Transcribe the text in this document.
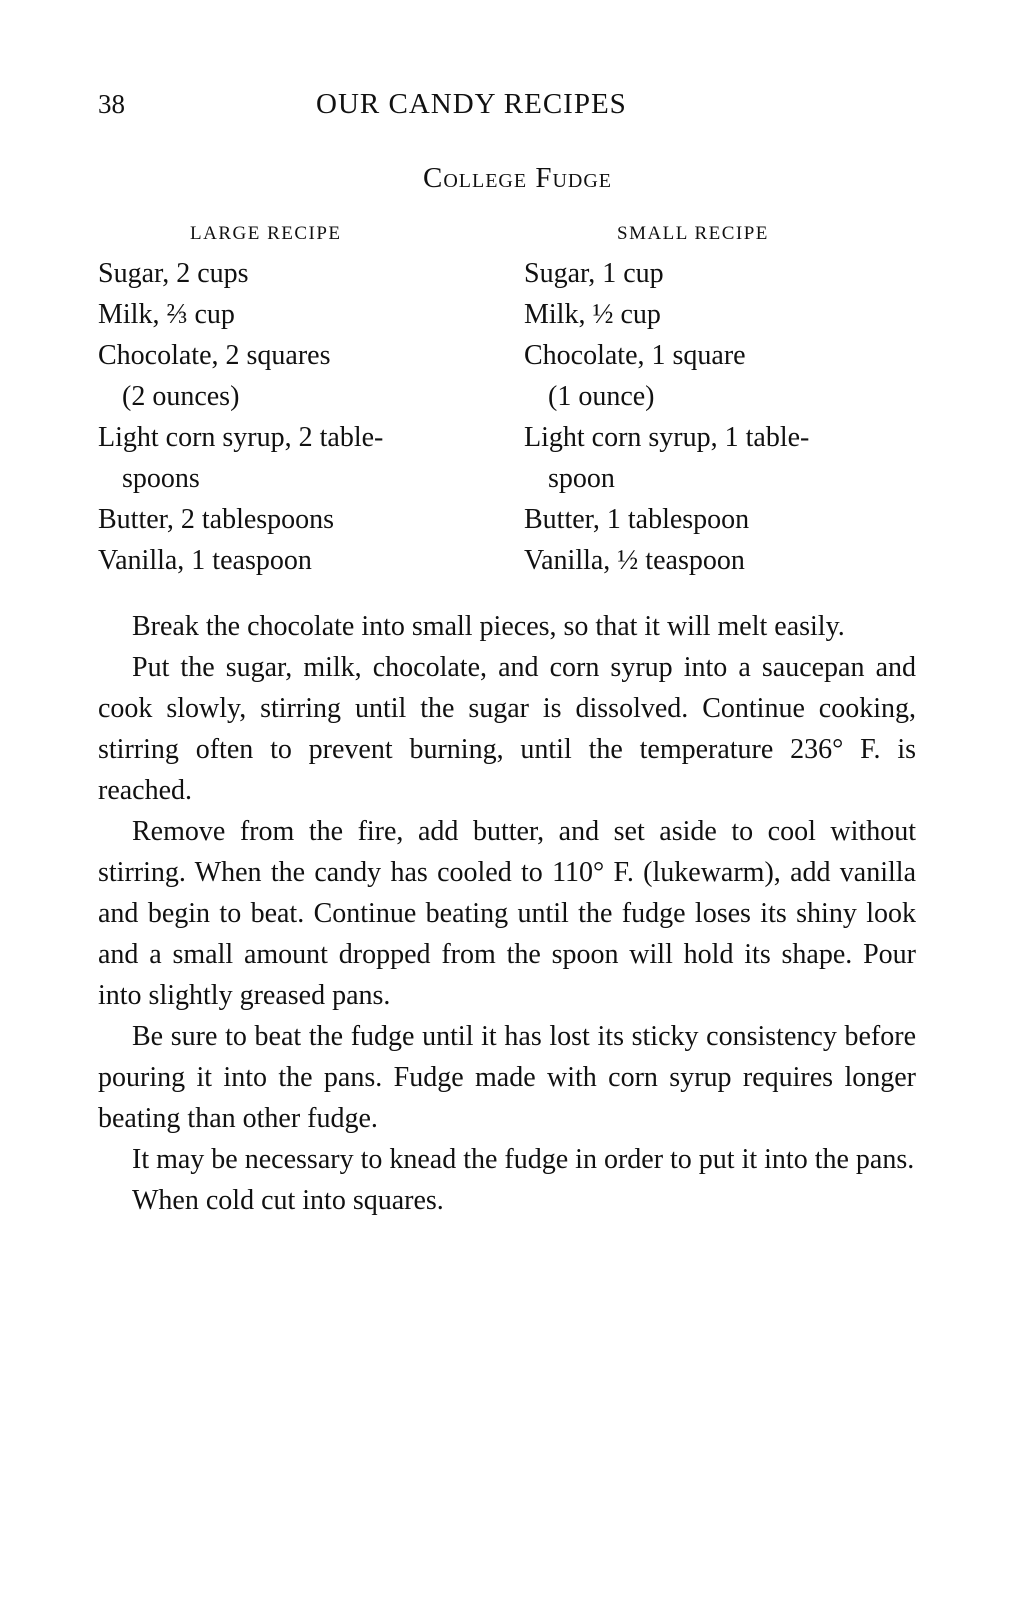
38	OUR CANDY RECIPES
College Fudge
LARGE RECIPE
Sugar, 2 cups
Milk, ⅔ cup
Chocolate, 2 squares
(2 ounces)
Light corn syrup, 2 table-
spoons
Butter, 2 tablespoons
Vanilla, 1 teaspoon
SMALL RECIPE
Sugar, 1 cup
Milk, ½ cup
Chocolate, 1 square
(1 ounce)
Light corn syrup, 1 table-
spoon
Butter, 1 tablespoon
Vanilla, ½ teaspoon

Break the chocolate into small pieces, so that it will melt easily.

Put the sugar, milk, chocolate, and corn syrup into a saucepan and cook slowly, stirring until the sugar is dissolved. Continue cooking, stirring often to prevent burning, until the temperature 236° F. is reached.

Remove from the fire, add butter, and set aside to cool without stirring. When the candy has cooled to 110° F. (lukewarm), add vanilla and begin to beat. Continue beating until the fudge loses its shiny look and a small amount dropped from the spoon will hold its shape. Pour into slightly greased pans.

Be sure to beat the fudge until it has lost its sticky consistency before pouring it into the pans. Fudge made with corn syrup requires longer beating than other fudge.

It may be necessary to knead the fudge in order to put it into the pans.

When cold cut into squares.
